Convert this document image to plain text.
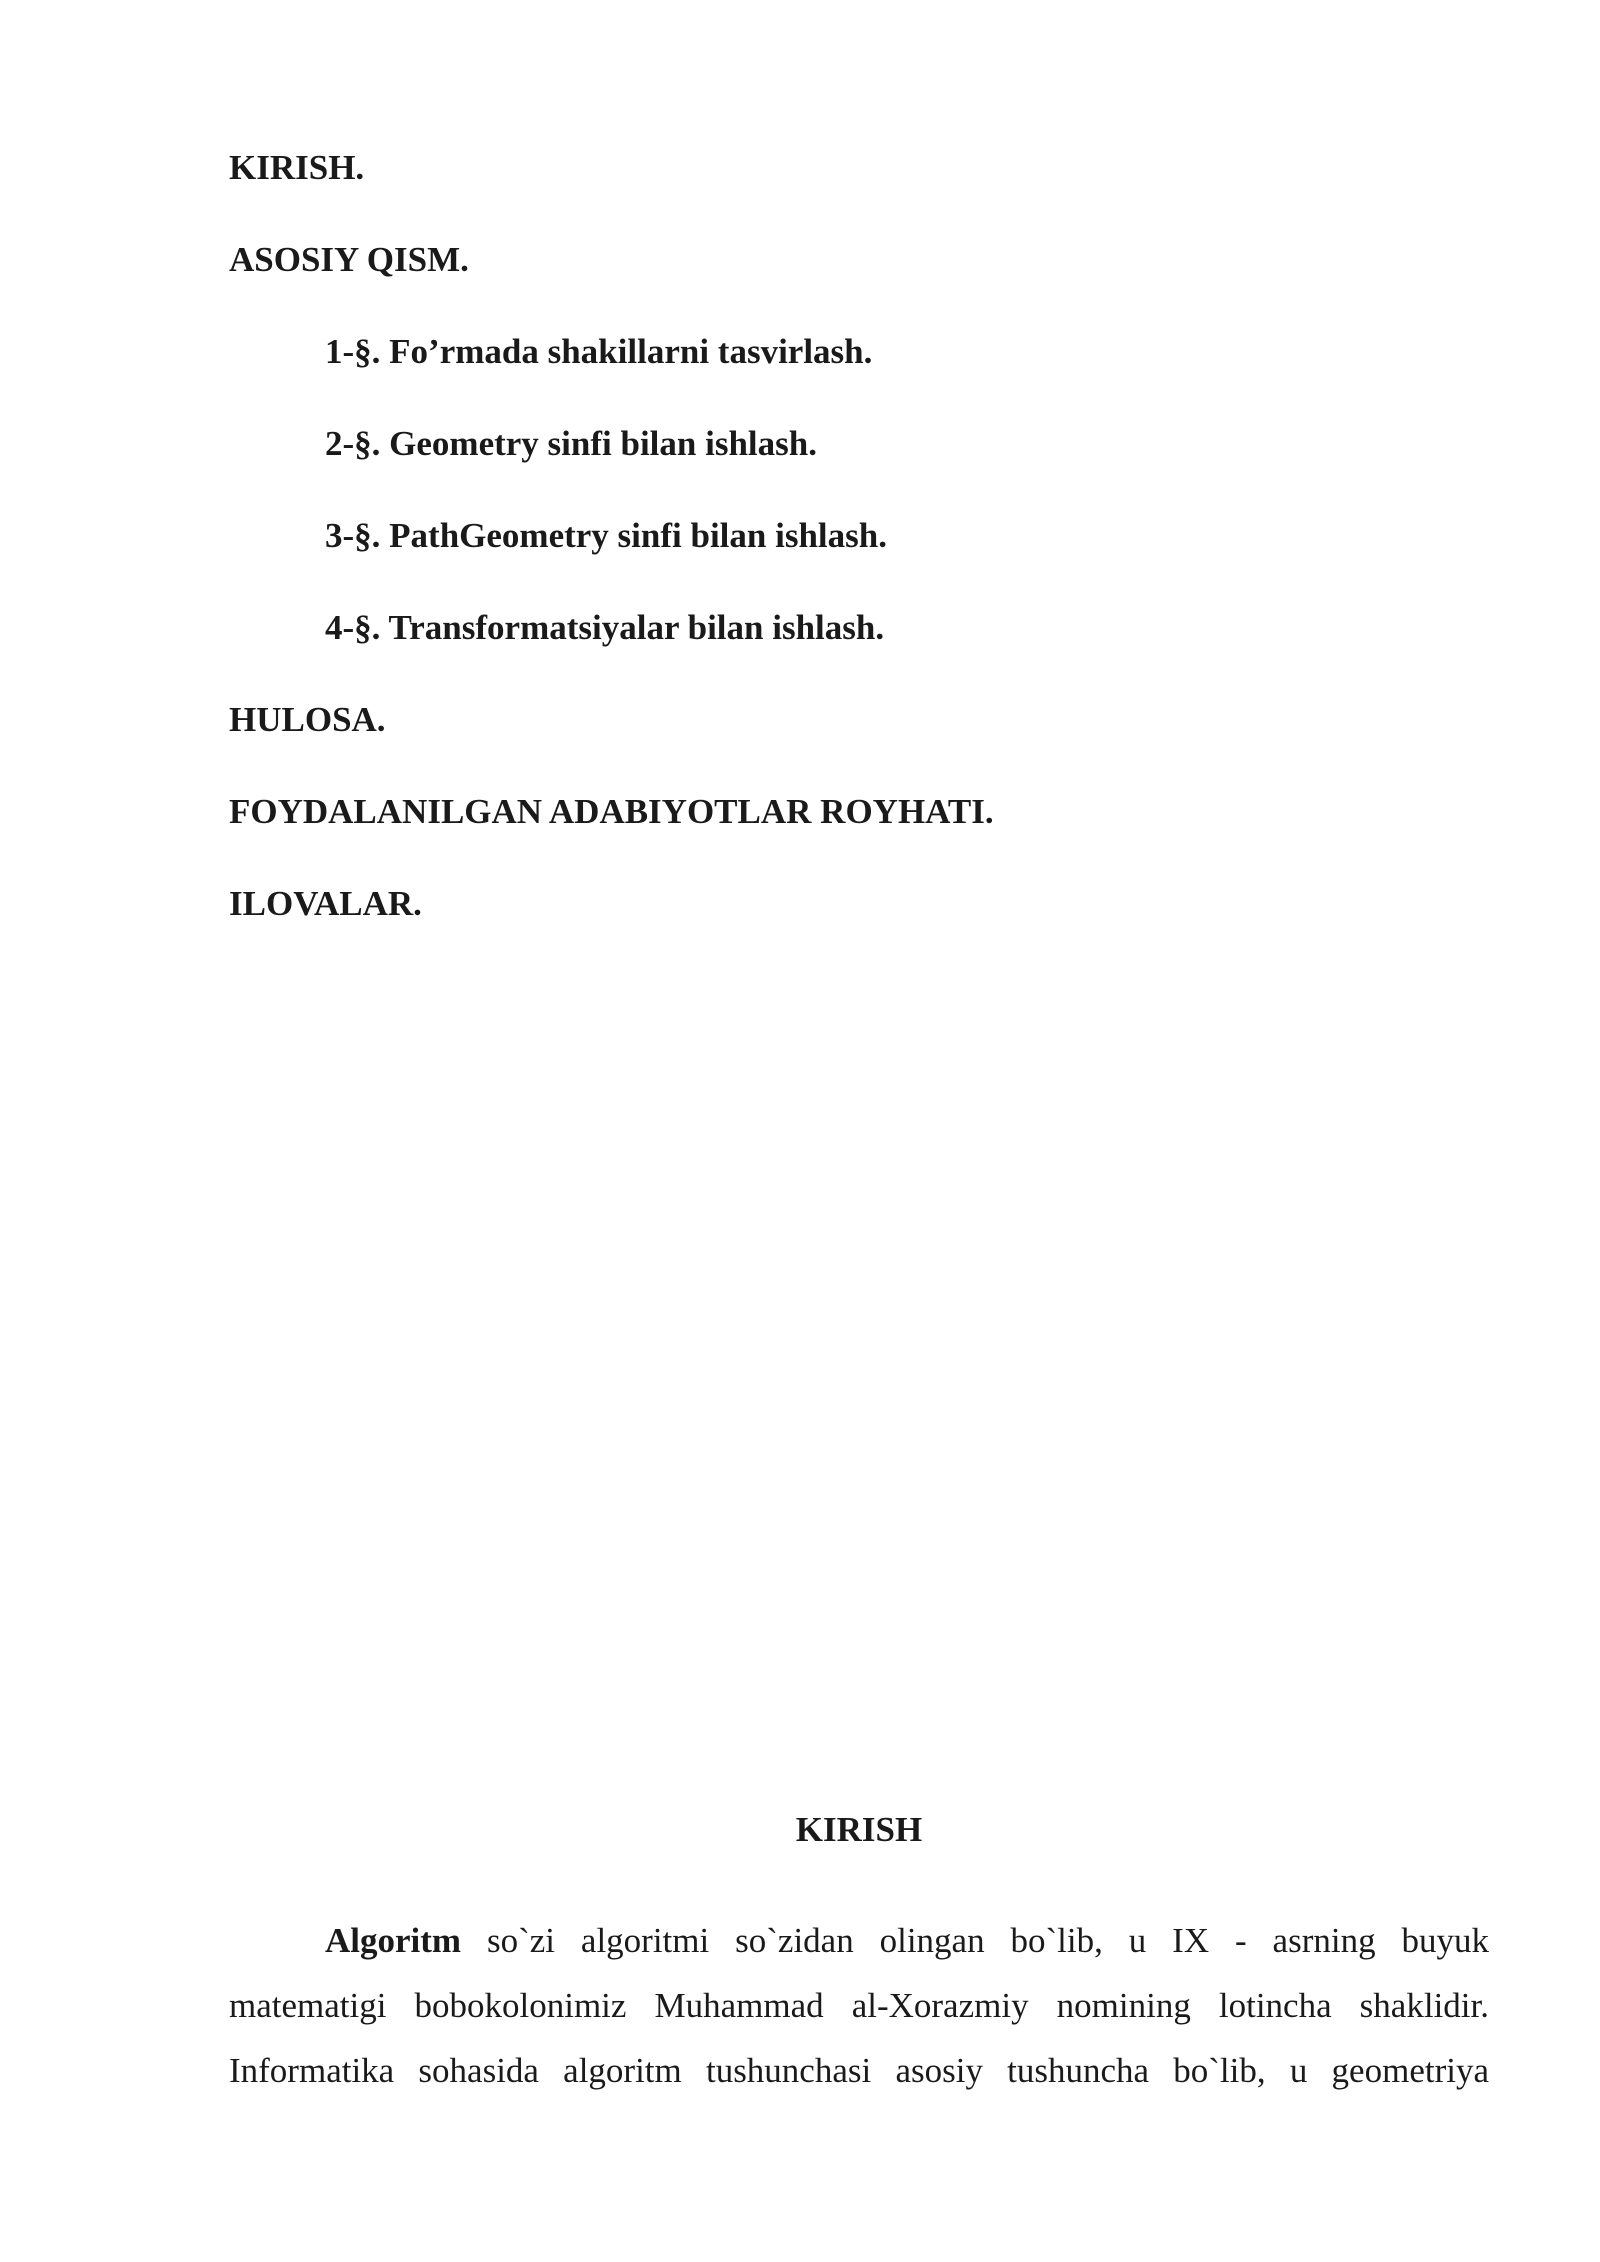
KIRISH.
ASOSIY QISM.
1-§. Fo’rmada shakillarni tasvirlash.
2-§. Geometry sinfi bilan ishlash.
3-§. PathGeometry sinfi bilan ishlash.
4-§. Transformatsiyalar bilan ishlash.
HULOSA.
FOYDALANILGAN ADABIYOTLAR ROYHATI.
ILOVALAR.
KIRISH
Algoritm so`zi algoritmi so`zidan olingan bo`lib, u IX - asrning buyuk
matematigi bobokolonimiz Muhammad al-Xorazmiy nomining lotincha shaklidir.
Informatika sohasida algoritm tushunchasi asosiy tushuncha bo`lib, u geometriya
